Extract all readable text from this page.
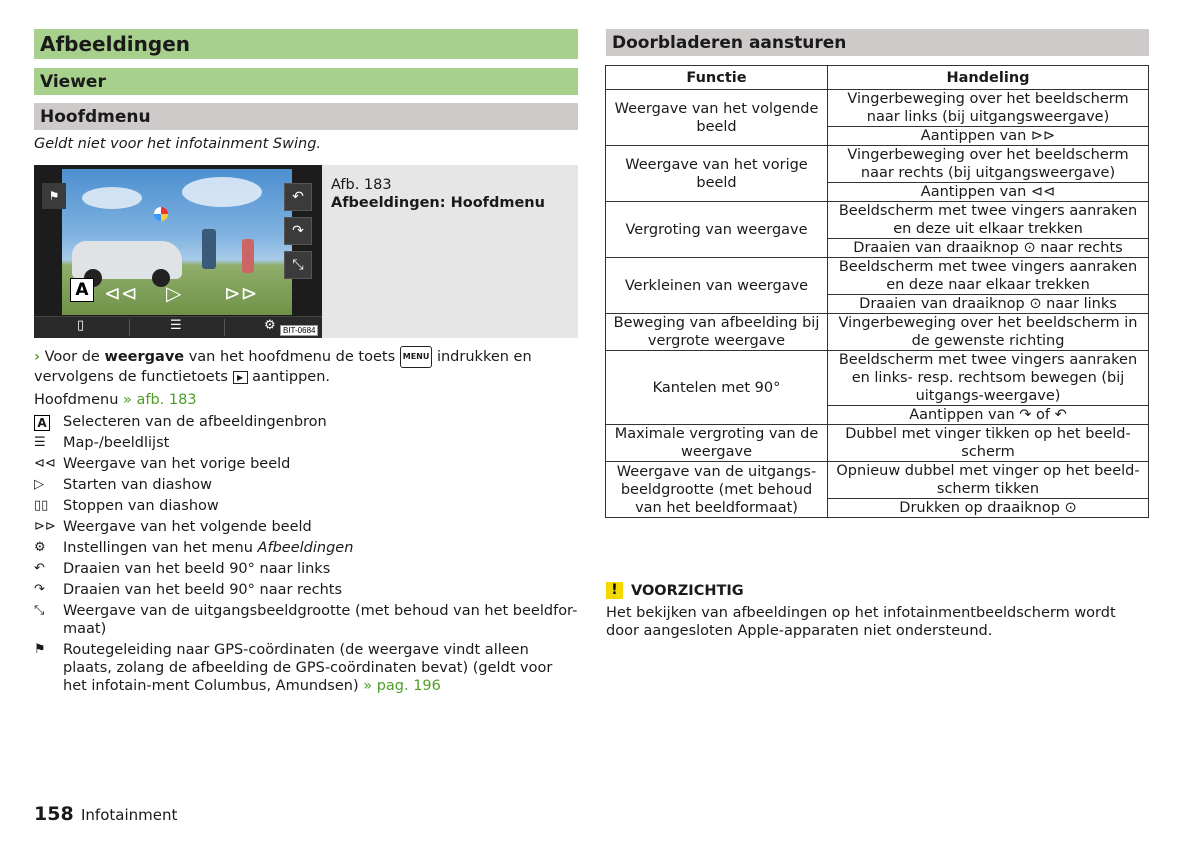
Afbeeldingen
Viewer
Hoofdmenu
Geldt niet voor het infotainment Swing.
⚑	↶
↷
⤡
⊲⊲ ▷ ⊳⊳
A
▯	☰	⚙ BIT-0684
Afb. 183
Afbeeldingen: Hoofdmenu
› Voor de weergave van het hoofdmenu de toets MENU indrukken en vervolgens de functietoets ▶ aantippen.
Hoofdmenu » afb. 183
A Selecteren van de afbeeldingenbron
☰	Map-/beeldlijst
⊲⊲ Weergave van het vorige beeld
▷	Starten van diashow
▯▯	Stoppen van diashow
⊳⊳ Weergave van het volgende beeld
⚙	Instellingen van het menu Afbeeldingen
↶	Draaien van het beeld 90° naar links
↷	Draaien van het beeld 90° naar rechts
⤡	Weergave van de uitgangsbeeldgrootte (met behoud van het beeldfor-maat)
⚑	Routegeleiding naar GPS-coördinaten (de weergave vindt alleen plaats, zolang de afbeelding de GPS-coördinaten bevat) (geldt voor het infotain-ment Columbus, Amundsen) » pag. 196
158 Infotainment
Doorbladeren aansturen
Functie	Handeling
Weergave van het volgende beeld	Vingerbeweging over het beeldscherm naar links (bij uitgangsweergave)
	Aantippen van ⊳⊳
Weergave van het vorige beeld	Vingerbeweging over het beeldscherm naar rechts (bij uitgangsweergave)
	Aantippen van ⊲⊲
Vergroting van weergave	Beeldscherm met twee vingers aanraken en deze uit elkaar trekken
	Draaien van draaiknop ⊙ naar rechts
Verkleinen van weergave	Beeldscherm met twee vingers aanraken en deze naar elkaar trekken
	Draaien van draaiknop ⊙ naar links
Beweging van afbeelding bij vergrote weergave	Vingerbeweging over het beeldscherm in de gewenste richting
Kantelen met 90°	Beeldscherm met twee vingers aanraken en links- resp. rechtsom bewegen (bij uitgangs-weergave)
	Aantippen van ↷ of ↶
Maximale vergroting van de weergave	Dubbel met vinger tikken op het beeld-scherm
Weergave van de uitgangs-beeldgrootte (met behoud van het beeldformaat)	Opnieuw dubbel met vinger op het beeld-scherm tikken
	Drukken op draaiknop ⊙
! VOORZICHTIG
Het bekijken van afbeeldingen op het infotainmentbeeldscherm wordt door aangesloten Apple-apparaten niet ondersteund.
